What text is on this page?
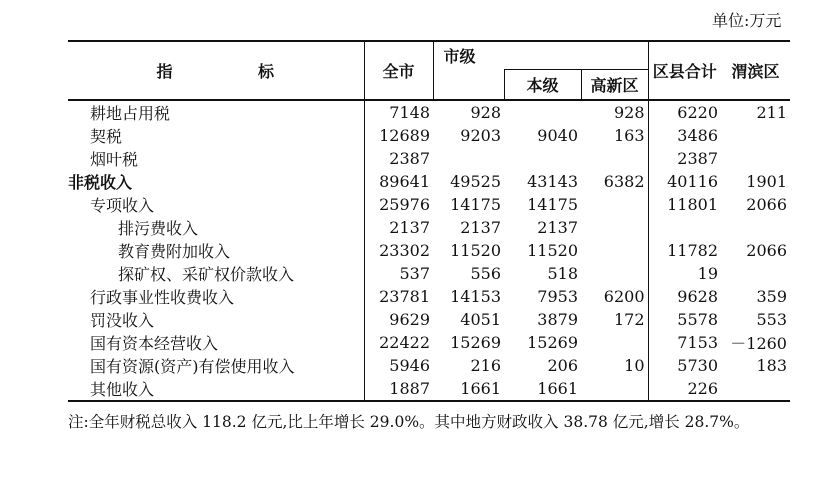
单位:万元
指 标	全市	市级			区县合计	渭滨区
			本级	高新区		
耕地占用税	7148	928		928	6220	211
契税	12689	9203	9040	163	3486	
烟叶税	2387				2387	
非税收入	89641	49525	43143	6382	40116	1901
专项收入	25976	14175	14175		11801	2066
排污费收入	2137	2137	2137			
教育费附加收入	23302	11520	11520		11782	2066
探矿权、采矿权价款收入	537	556	518		19	
行政事业性收费收入	23781	14153	7953	6200	9628	359
罚没收入	9629	4051	3879	172	5578	553
国有资本经营收入	22422	15269	15269		7153	－1260
国有资源(资产)有偿使用收入	5946	216	206	10	5730	183
其他收入	1887	1661	1661		226	
注:全年财税总收入 118.2 亿元,比上年增长 29.0%。其中地方财政收入 38.78 亿元,增长 28.7%。
